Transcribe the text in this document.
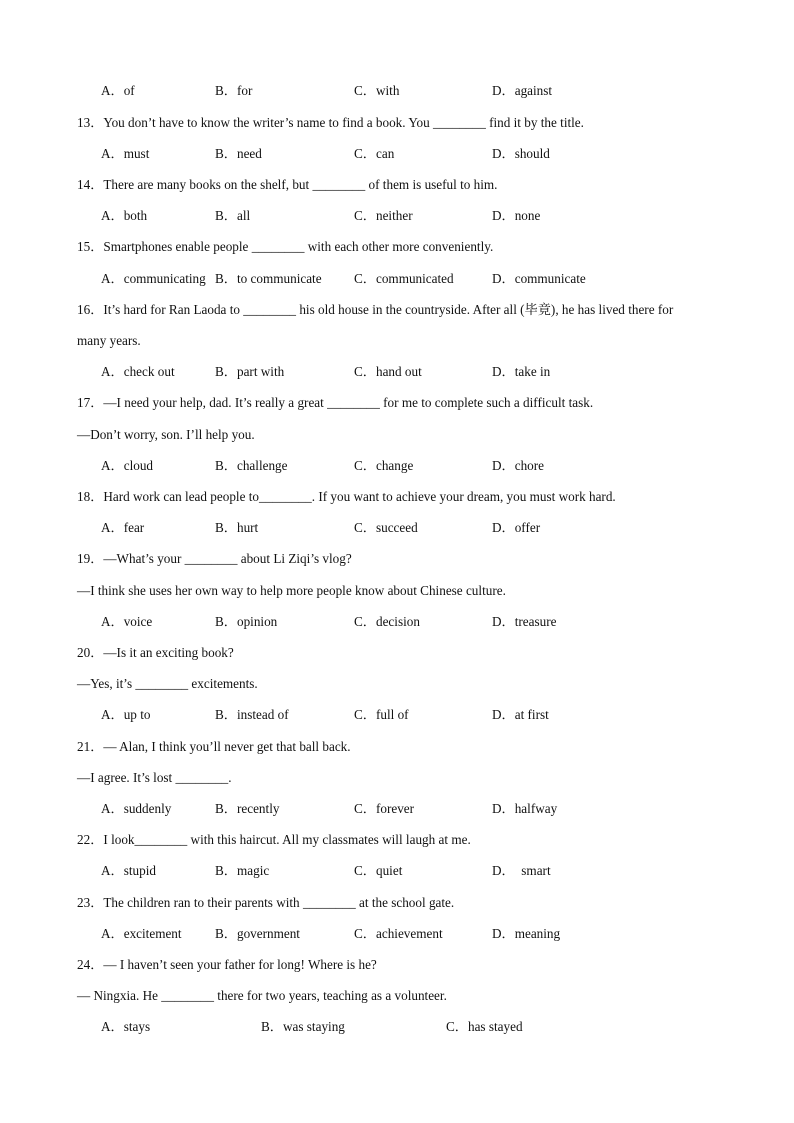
A．of	B．for	C．with	D．against
13．You don’t have to know the writer’s name to find a book. You ________ find it by the title.
A．must	B．need	C．can	D．should
14．There are many books on the shelf, but ________ of them is useful to him.
A．both	B．all	C．neither	D．none
15．Smartphones enable people ________ with each other more conveniently.
A．communicating B．to communicate C．communicated	D．communicate
16．It’s hard for Ran Laoda to ________ his old house in the countryside. After all (毕竟), he has lived there for
many years.
A．check out	B．part with	C．hand out	D．take in
17．—I need your help, dad. It’s really a great ________ for me to complete such a difficult task.
—Don’t worry, son. I’ll help you.
A．cloud	B．challenge	C．change	D．chore
18．Hard work can lead people to________. If you want to achieve your dream, you must work hard.
A．fear	B．hurt	C．succeed	D．offer
19．—What’s your ________ about Li Ziqi’s vlog?
—I think she uses her own way to help more people know about Chinese culture.
A．voice	B．opinion	C．decision	D．treasure
20．—Is it an exciting book?
—Yes, it’s ________ excitements.
A．up to	B．instead of	C．full of	D．at first
21．— Alan, I think you’ll never get that ball back.
—I agree. It’s lost ________.
A．suddenly	B．recently	C．forever	D．halfway
22．I look________ with this haircut. All my classmates will laugh at me.
A．stupid	B．magic	C．quiet	D．  smart
23．The children ran to their parents with ________ at the school gate.
A．excitement	B．government	C．achievement	D．meaning
24．— I haven’t seen your father for long! Where is he?
— Ningxia. He ________ there for two years, teaching as a volunteer.
A．stays	B．was staying	C．has stayed
